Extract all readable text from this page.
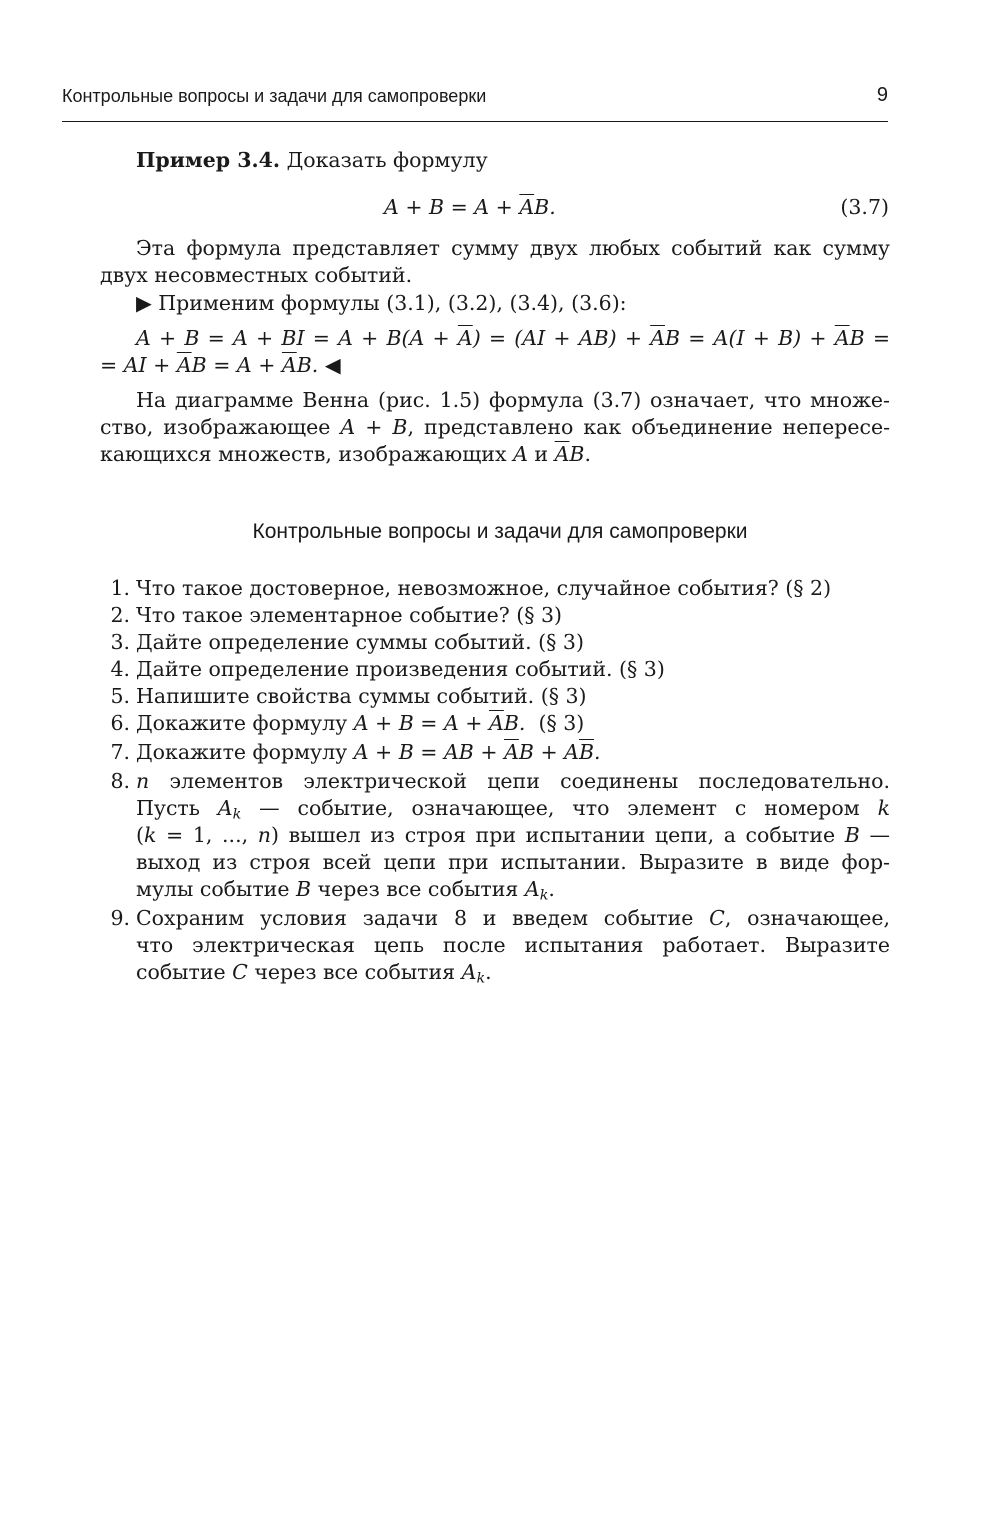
Контрольные вопросы и задачи для самопроверки	9
Пример 3.4. Доказать формулу
$A + B = A + \overline{A}B$.	(3.7)
Эта формула представляет сумму двух любых событий как сумму двух несовместных событий.
▶ Применим формулы (3.1), (3.2), (3.4), (3.6):
A + B = A + BI = $A + B(A + \overline{A}) = (AI + AB) + \overline{A}B = A(I + B) + \overline{A}B$ =
= AI + $\overline{A}B = A + \overline{A}B$. ◀
На диаграмме Венна (рис. 1.5) формула (3.7) означает, что множе-
ство, изображающее A + B, представлено как объединение непересе-
кающихся множеств, изображающих A и $\overline{A}B$.
Контрольные вопросы и задачи для самопроверки
1. Что такое достоверное, невозможное, случайное события? (§ 2)
2. Что такое элементарное событие? (§ 3)
3. Дайте определение суммы событий. (§ 3)
4. Дайте определение произведения событий. (§ 3)
5. Напишите свойства суммы событий. (§ 3)
6. Докажите формулу $A + B = A + \overline{A}B$. (§ 3)
7. Докажите формулу A + B = AB + $\overline{A}B + A\overline{B}$.
8. n элементов электрической цепи соединены последовательно.
Пусть $A_k$ — событие, означающее, что элемент с номером k
(k = 1, ..., n) вышел из строя при испытании цепи, а событие B —
выход из строя всей цепи при испытании. Выразите в виде фор-
мулы событие B через все события $A_k$.
9. Сохраним условия задачи 8 и введем событие C, означающее,
что электрическая цепь после испытания работает. Выразите
событие C через все события $A_k$.
